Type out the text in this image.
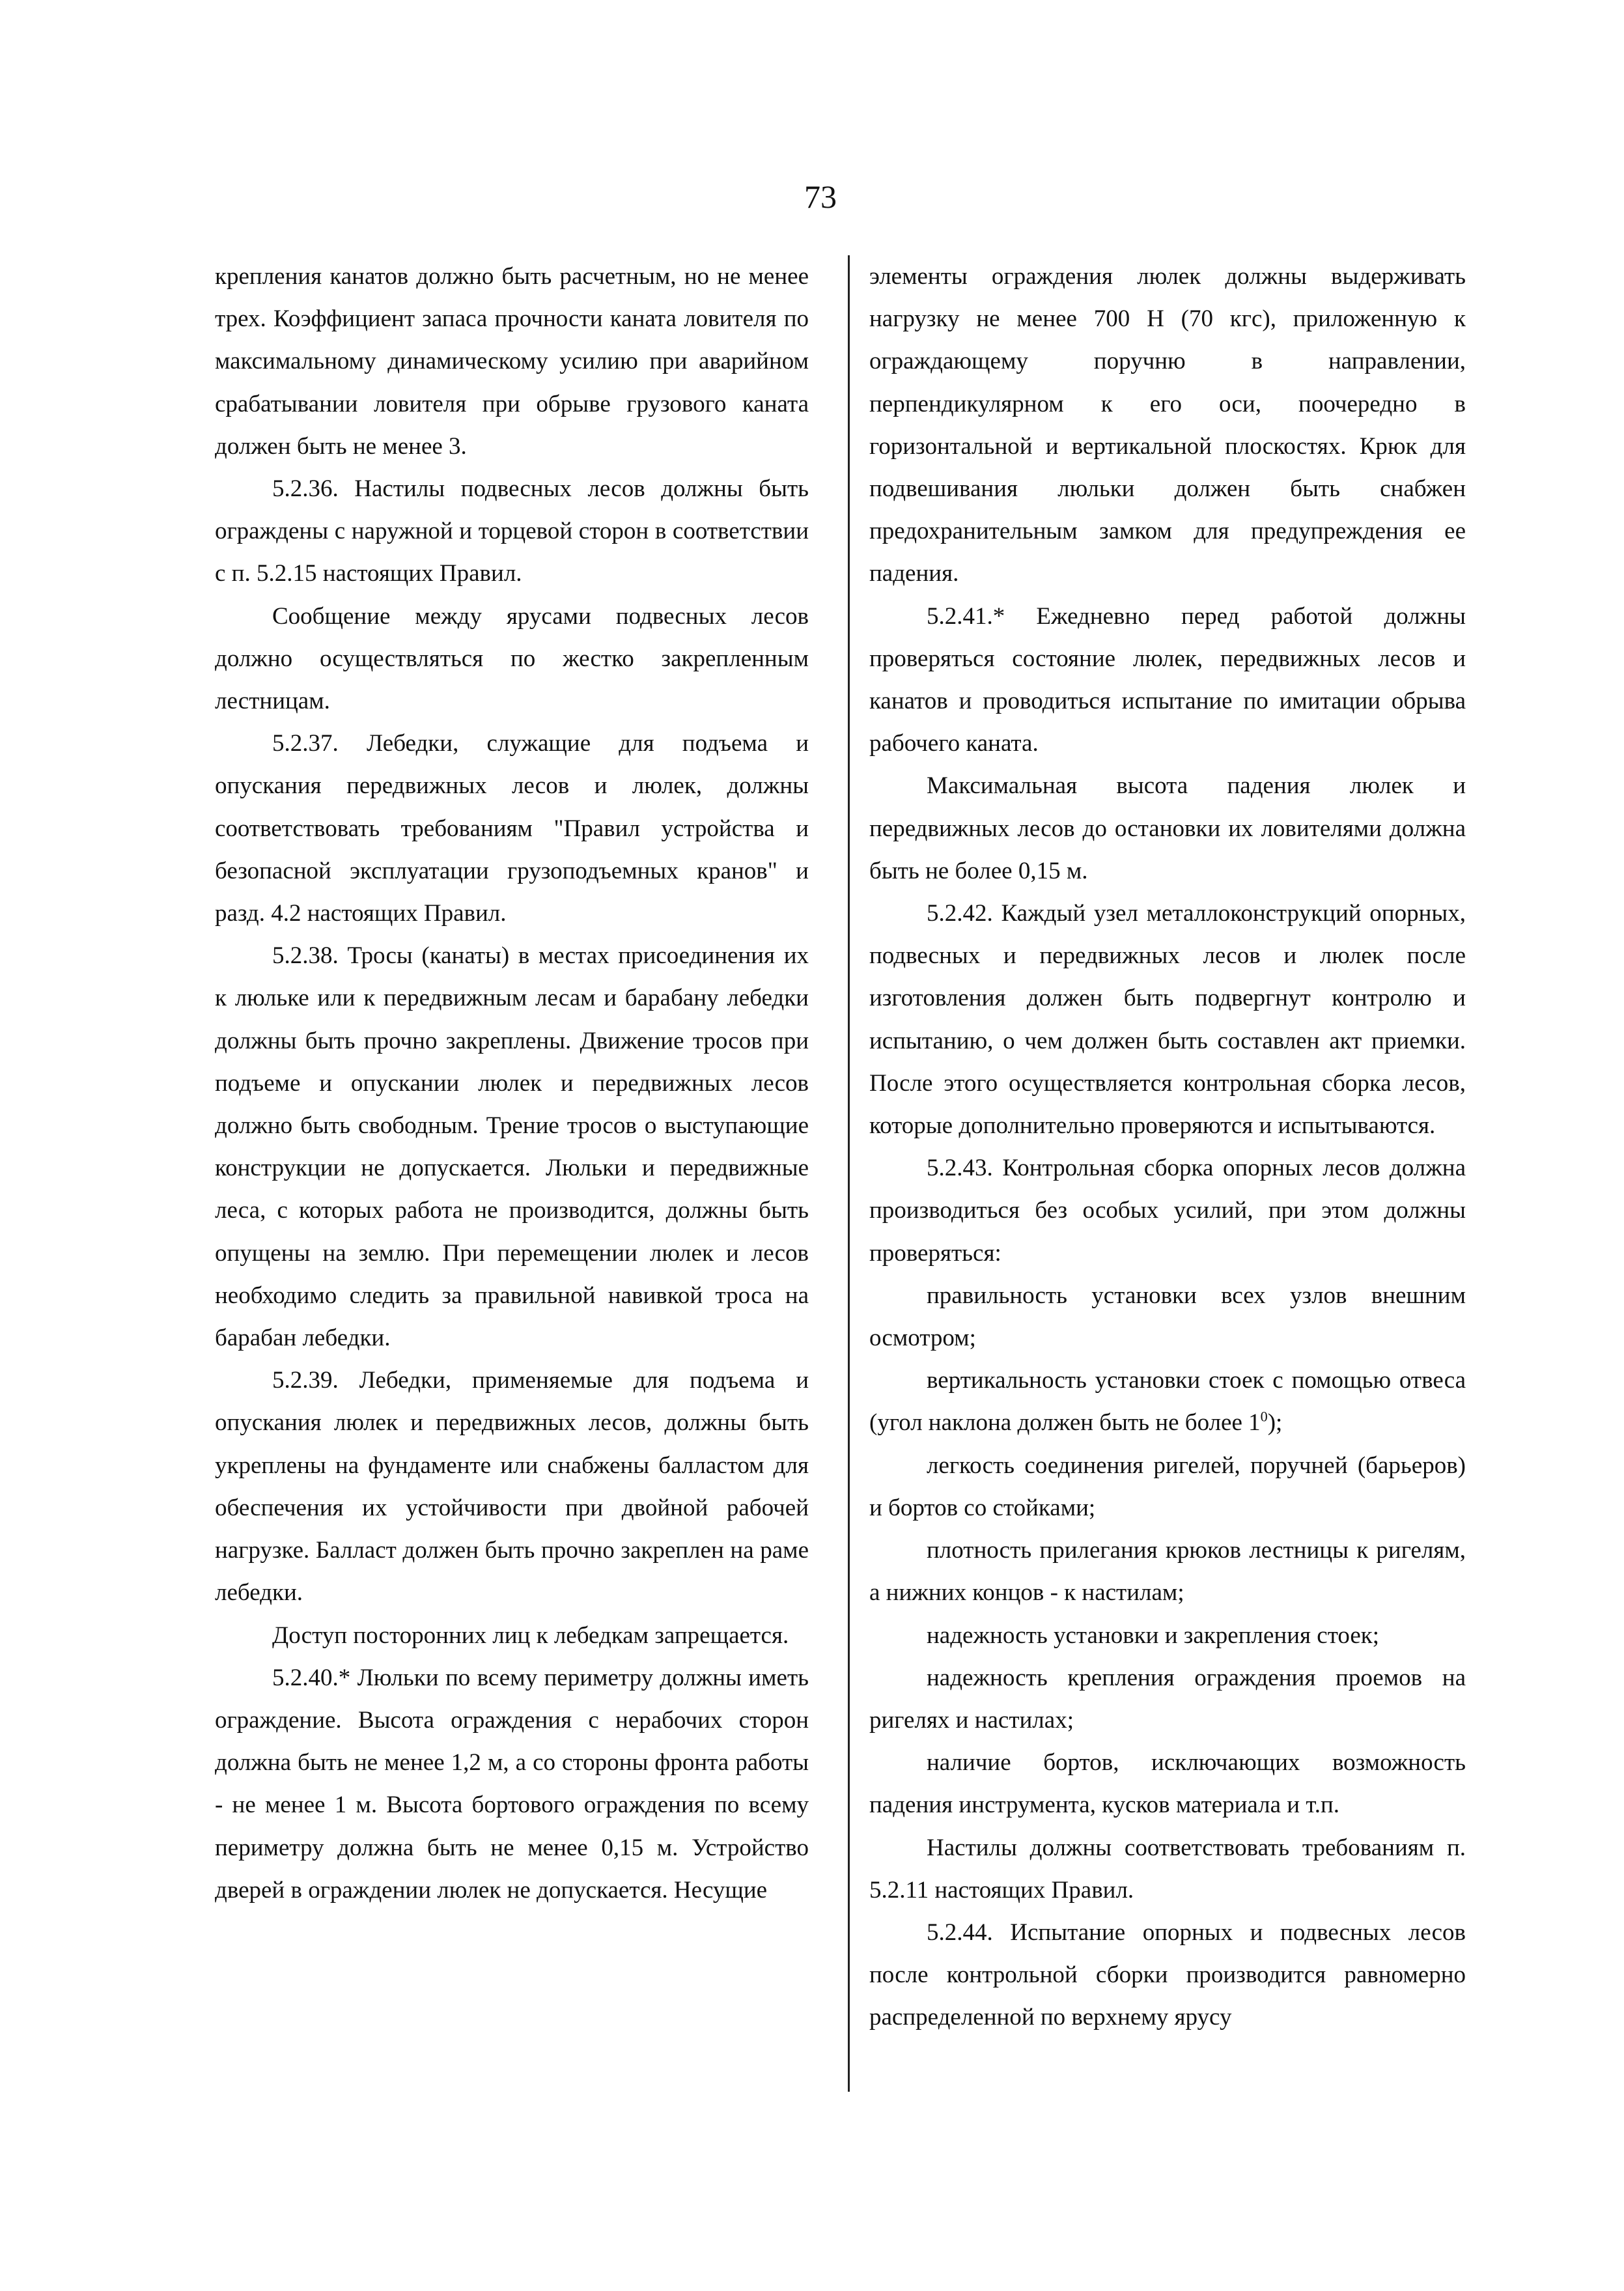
73

крепления канатов должно быть расчетным, но не менее трех. Коэффициент запаса прочности каната ловителя по максимальному динамическому усилию при аварийном срабатывании ловителя при обрыве грузового каната должен быть не менее 3.

5.2.36. Настилы подвесных лесов должны быть ограждены с наружной и торцевой сторон в соответствии с п. 5.2.15 настоящих Правил.

Сообщение между ярусами подвесных лесов должно осуществляться по жестко закрепленным лестницам.

5.2.37. Лебедки, служащие для подъема и опускания передвижных лесов и люлек, должны соответствовать требованиям "Правил устройства и безопасной эксплуатации грузоподъемных кранов" и разд. 4.2 настоящих Правил.

5.2.38. Тросы (канаты) в местах присоединения их к люльке или к передвижным лесам и барабану лебедки должны быть прочно закреплены. Движение тросов при подъеме и опускании люлек и передвижных лесов должно быть свободным. Трение тросов о выступающие конструкции не допускается. Люльки и передвижные леса, с которых работа не производится, должны быть опущены на землю. При перемещении люлек и лесов необходимо следить за правильной навивкой троса на барабан лебедки.

5.2.39. Лебедки, применяемые для подъема и опускания люлек и передвижных лесов, должны быть укреплены на фундаменте или снабжены балластом для обеспечения их устойчивости при двойной рабочей нагрузке. Балласт должен быть прочно закреплен на раме лебедки.

Доступ посторонних лиц к лебедкам запрещается.

5.2.40.* Люльки по всему периметру должны иметь ограждение. Высота ограждения с нерабочих сторон должна быть не менее 1,2 м, а со стороны фронта работы - не менее 1 м. Высота бортового ограждения по всему периметру должна быть не менее 0,15 м. Устройство дверей в ограждении люлек не допускается. Несущие

элементы ограждения люлек должны выдерживать нагрузку не менее 700 Н (70 кгс), приложенную к ограждающему поручню в направлении, перпендикулярном к его оси, поочередно в горизонтальной и вертикальной плоскостях. Крюк для подвешивания люльки должен быть снабжен предохранительным замком для предупреждения ее падения.

5.2.41.* Ежедневно перед работой должны проверяться состояние люлек, передвижных лесов и канатов и проводиться испытание по имитации обрыва рабочего каната.

Максимальная высота падения люлек и передвижных лесов до остановки их ловителями должна быть не более 0,15 м.

5.2.42. Каждый узел металлоконструкций опорных, подвесных и передвижных лесов и люлек после изготовления должен быть подвергнут контролю и испытанию, о чем должен быть составлен акт приемки. После этого осуществляется контрольная сборка лесов, которые дополнительно проверяются и испытываются.

5.2.43. Контрольная сборка опорных лесов должна производиться без особых усилий, при этом должны проверяться:

правильность установки всех узлов внешним осмотром;

вертикальность установки стоек с помощью отвеса (угол наклона должен быть не более $1^0$);

легкость соединения ригелей, поручней (барьеров) и бортов со стойками;

плотность прилегания крюков лестницы к ригелям, а нижних концов - к настилам;

надежность установки и закрепления стоек;

надежность крепления ограждения проемов на ригелях и настилах;

наличие бортов, исключающих возможность падения инструмента, кусков материала и т.п.

Настилы должны соответствовать требованиям п. 5.2.11 настоящих Правил.

5.2.44. Испытание опорных и подвесных лесов после контрольной сборки производится равномерно распределенной по верхнему ярусу
